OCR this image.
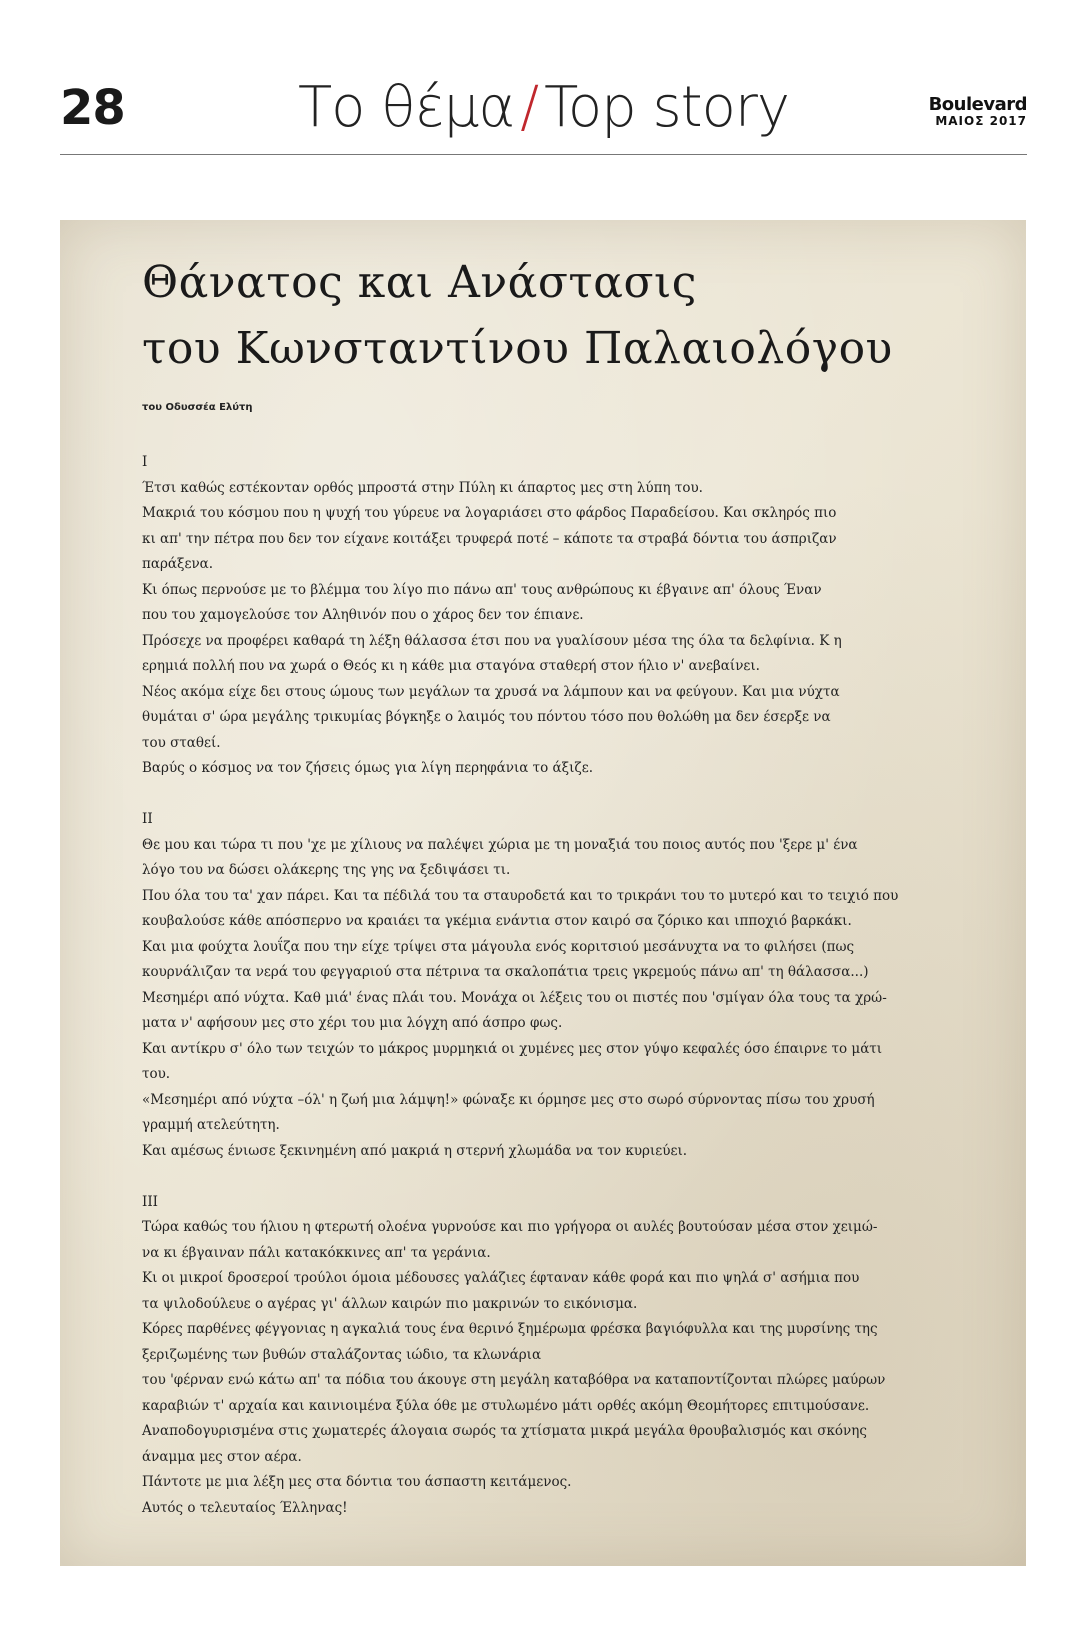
28	Το θέμα / Top story	Boulevard
ΜΑΙΟΣ 2017
Θάνατος και Ανάστασις
του Κωνσταντίνου Παλαιολόγου
του Οδυσσέα Ελύτη
I
Έτσι καθώς εστέκονταν ορθός μπροστά στην Πύλη κι άπαρτος μες στη λύπη του.
Μακριά του κόσμου που η ψυχή του γύρευε να λογαριάσει στο φάρδος Παραδείσου. Και σκληρός πιο
κι απ' την πέτρα που δεν τον είχανε κοιτάξει τρυφερά ποτέ – κάποτε τα στραβά δόντια του άσπριζαν
παράξενα.
Κι όπως περνούσε με το βλέμμα του λίγο πιο πάνω απ' τους ανθρώπους κι έβγαινε απ' όλους Έναν
που του χαμογελούσε τον Αληθινόν που ο χάρος δεν τον έπιανε.
Πρόσεχε να προφέρει καθαρά τη λέξη θάλασσα έτσι που να γυαλίσουν μέσα της όλα τα δελφίνια. Κ η
ερημιά πολλή που να χωρά ο Θεός κι η κάθε μια σταγόνα σταθερή στον ήλιο ν' ανεβαίνει.
Νέος ακόμα είχε δει στους ώμους των μεγάλων τα χρυσά να λάμπουν και να φεύγουν. Και μια νύχτα
θυμάται σ' ώρα μεγάλης τρικυμίας βόγκηξε ο λαιμός του πόντου τόσο που θολώθη μα δεν έσερξε να
του σταθεί.
Βαρύς ο κόσμος να τον ζήσεις όμως για λίγη περηφάνια το άξιζε.
II
Θε μου και τώρα τι που 'χε με χίλιους να παλέψει χώρια με τη μοναξιά του ποιος αυτός που 'ξερε μ' ένα
λόγο του να δώσει ολάκερης της γης να ξεδιψάσει τι.
Που όλα του τα' χαν πάρει. Και τα πέδιλά του τα σταυροδετά και το τρικράνι του το μυτερό και το τειχιό που
κουβαλούσε κάθε απόσπερνο να κραιάει τα γκέμια ενάντια στον καιρό σα ζόρικο και ιπποχιό βαρκάκι.
Και μια φούχτα λουΐζα που την είχε τρίψει στα μάγουλα ενός κοριτσιού μεσάνυχτα να το φιλήσει (πως
κουρνάλιζαν τα νερά του φεγγαριού στα πέτρινα τα σκαλοπάτια τρεις γκρεμούς πάνω απ' τη θάλασσα...)
Μεσημέρι από νύχτα. Καθ μιά' ένας πλάι του. Μονάχα οι λέξεις του οι πιστές που 'σμίγαν όλα τους τα χρώ-
ματα ν' αφήσουν μες στο χέρι του μια λόγχη από άσπρο φως.
Και αντίκρυ σ' όλο των τειχών το μάκρος μυρμηκιά οι χυμένες μες στον γύψο κεφαλές όσο έπαιρνε το μάτι
του.
«Μεσημέρι από νύχτα –όλ' η ζωή μια λάμψη!» φώναξε κι όρμησε μες στο σωρό σύρνοντας πίσω του χρυσή
γραμμή ατελεύτητη.
Και αμέσως ένιωσε ξεκινημένη από μακριά η στερνή χλωμάδα να τον κυριεύει.
III
Τώρα καθώς του ήλιου η φτερωτή ολοένα γυρνούσε και πιο γρήγορα οι αυλές βουτούσαν μέσα στον χειμώ-
να κι έβγαιναν πάλι κατακόκκινες απ' τα γεράνια.
Κι οι μικροί δροσεροί τρούλοι όμοια μέδουσες γαλάζιες έφταναν κάθε φορά και πιο ψηλά σ' ασήμια που
τα ψιλοδούλευε ο αγέρας γι' άλλων καιρών πιο μακρινών το εικόνισμα.
Κόρες παρθένες φέγγονιας η αγκαλιά τους ένα θερινό ξημέρωμα φρέσκα βαγιόφυλλα και της μυρσίνης της
ξεριζωμένης των βυθών σταλάζοντας ιώδιο, τα κλωνάρια
του 'φέρναν ενώ κάτω απ' τα πόδια του άκουγε στη μεγάλη καταβόθρα να καταποντίζονται πλώρες μαύρων
καραβιών τ' αρχαία και καινιοιμένα ξύλα όθε με στυλωμένο μάτι ορθές ακόμη Θεομήτορες επιτιμούσανε.
Αναποδογυρισμένα στις χωματερές άλογαια σωρός τα χτίσματα μικρά μεγάλα θρουβαλισμός και σκόνης
άναμμα μες στον αέρα.
Πάντοτε με μια λέξη μες στα δόντια του άσπαστη κειτάμενος.
Αυτός ο τελευταίος Έλληνας!
